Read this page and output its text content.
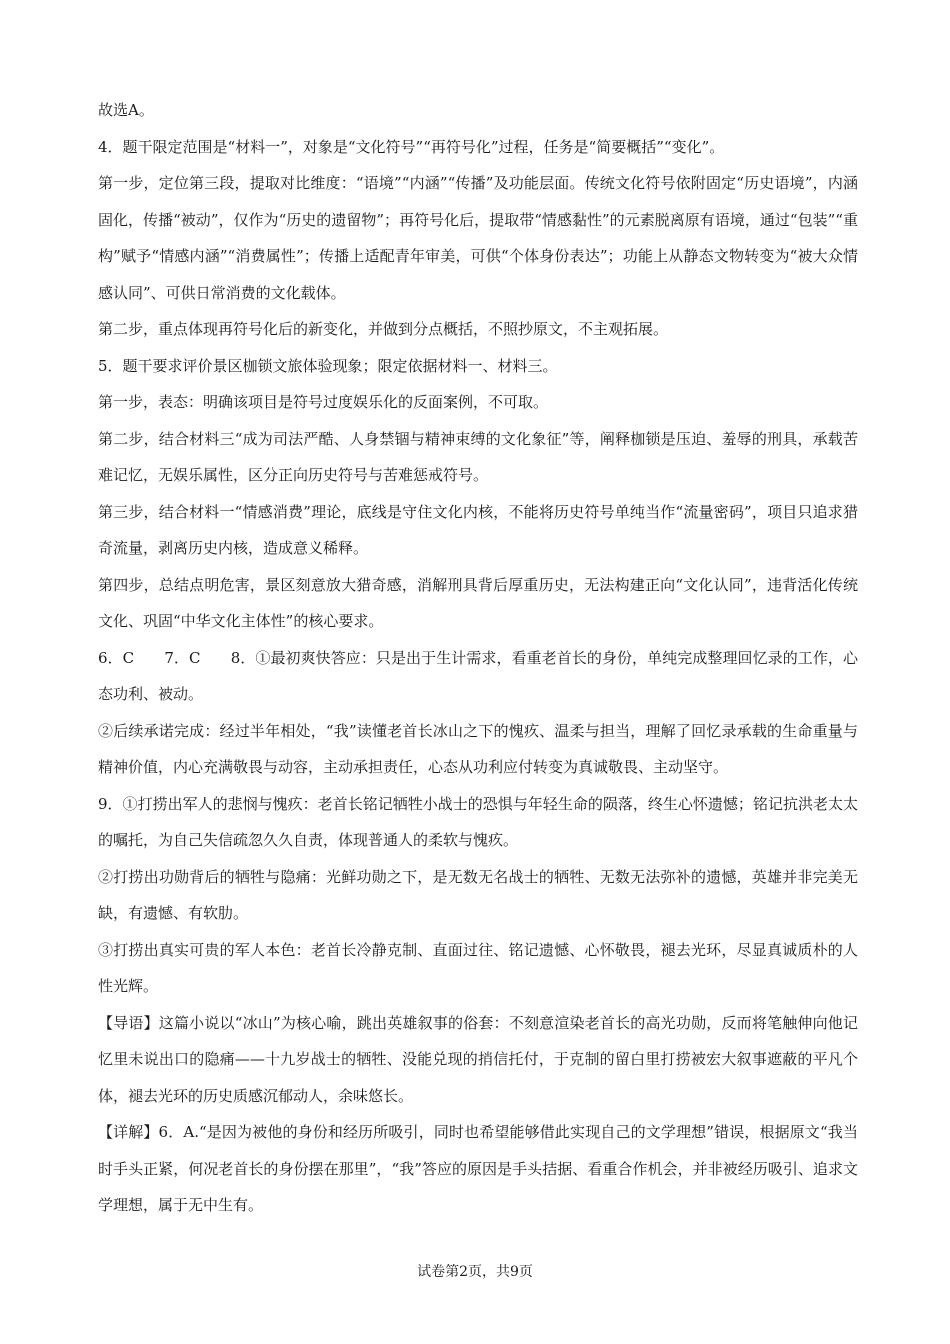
故选A。

4．题干限定范围是“材料一”，对象是“文化符号”“再符号化”过程，任务是“简要概括”“变化”。

第一步，定位第三段，提取对比维度：“语境”“内涵”“传播”及功能层面。传统文化符号依附固定“历史语境”，内涵固化，传播“被动”，仅作为“历史的遗留物”；再符号化后，提取带“情感黏性”的元素脱离原有语境，通过“包装”“重构”赋予“情感内涵”“消费属性”；传播上适配青年审美，可供“个体身份表达”；功能上从静态文物转变为“被大众情感认同”、可供日常消费的文化载体。

第二步，重点体现再符号化后的新变化，并做到分点概括，不照抄原文，不主观拓展。

5．题干要求评价景区枷锁文旅体验现象；限定依据材料一、材料三。

第一步，表态：明确该项目是符号过度娱乐化的反面案例，不可取。

第二步，结合材料三“成为司法严酷、人身禁锢与精神束缚的文化象征”等，阐释枷锁是压迫、羞辱的刑具，承载苦难记忆，无娱乐属性，区分正向历史符号与苦难惩戒符号。

第三步，结合材料一“情感消费”理论，底线是守住文化内核，不能将历史符号单纯当作“流量密码”，项目只追求猎奇流量，剥离历史内核，造成意义稀释。

第四步，总结点明危害，景区刻意放大猎奇感，消解刑具背后厚重历史，无法构建正向“文化认同”，违背活化传统文化、巩固“中华文化主体性”的核心要求。

6．C　　7．C　　8．①最初爽快答应：只是出于生计需求，看重老首长的身份，单纯完成整理回忆录的工作，心态功利、被动。

②后续承诺完成：经过半年相处，“我”读懂老首长冰山之下的愧疚、温柔与担当，理解了回忆录承载的生命重量与精神价值，内心充满敬畏与动容，主动承担责任，心态从功利应付转变为真诚敬畏、主动坚守。

9．①打捞出军人的悲悯与愧疚：老首长铭记牺牲小战士的恐惧与年轻生命的陨落，终生心怀遗憾；铭记抗洪老太太的嘱托，为自己失信疏忽久久自责，体现普通人的柔软与愧疚。

②打捞出功勋背后的牺牲与隐痛：光鲜功勋之下，是无数无名战士的牺牲、无数无法弥补的遗憾，英雄并非完美无缺，有遗憾、有软肋。

③打捞出真实可贵的军人本色：老首长冷静克制、直面过往、铭记遗憾、心怀敬畏，褪去光环，尽显真诚质朴的人性光辉。

【导语】这篇小说以“冰山”为核心喻，跳出英雄叙事的俗套：不刻意渲染老首长的高光功勋，反而将笔触伸向他记忆里未说出口的隐痛——十九岁战士的牺牲、没能兑现的捎信托付，于克制的留白里打捞被宏大叙事遮蔽的平凡个体，褪去光环的历史质感沉郁动人，余味悠长。

【详解】6．A.“是因为被他的身份和经历所吸引，同时也希望能够借此实现自己的文学理想”错误，根据原文“我当时手头正紧，何况老首长的身份摆在那里”，“我”答应的原因是手头拮据、看重合作机会，并非被经历吸引、追求文学理想，属于无中生有。

试卷第2页，共9页
